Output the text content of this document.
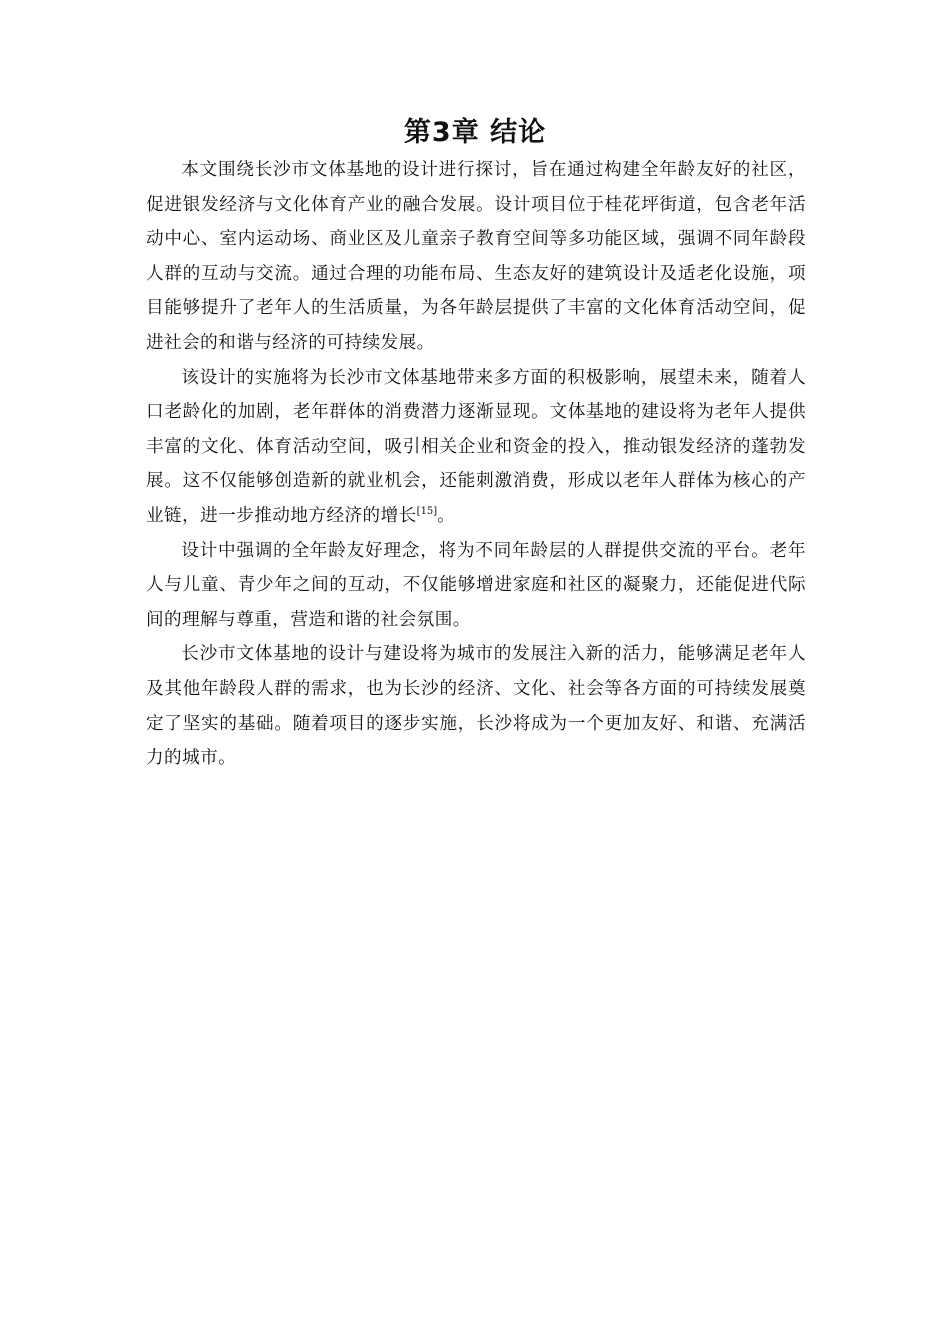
第3章 结论

本文围绕长沙市文体基地的设计进行探讨，旨在通过构建全年龄友好的社区，促进银发经济与文化体育产业的融合发展。设计项目位于桂花坪街道，包含老年活动中心、室内运动场、商业区及儿童亲子教育空间等多功能区域，强调不同年龄段人群的互动与交流。通过合理的功能布局、生态友好的建筑设计及适老化设施，项目能够提升了老年人的生活质量，为各年龄层提供了丰富的文化体育活动空间，促进社会的和谐与经济的可持续发展。

该设计的实施将为长沙市文体基地带来多方面的积极影响，展望未来，随着人口老龄化的加剧，老年群体的消费潜力逐渐显现。文体基地的建设将为老年人提供丰富的文化、体育活动空间，吸引相关企业和资金的投入，推动银发经济的蓬勃发展。这不仅能够创造新的就业机会，还能刺激消费，形成以老年人群体为核心的产业链，进一步推动地方经济的增长[15]。

设计中强调的全年龄友好理念，将为不同年龄层的人群提供交流的平台。老年人与儿童、青少年之间的互动，不仅能够增进家庭和社区的凝聚力，还能促进代际间的理解与尊重，营造和谐的社会氛围。

长沙市文体基地的设计与建设将为城市的发展注入新的活力，能够满足老年人及其他年龄段人群的需求，也为长沙的经济、文化、社会等各方面的可持续发展奠定了坚实的基础。随着项目的逐步实施，长沙将成为一个更加友好、和谐、充满活力的城市。
